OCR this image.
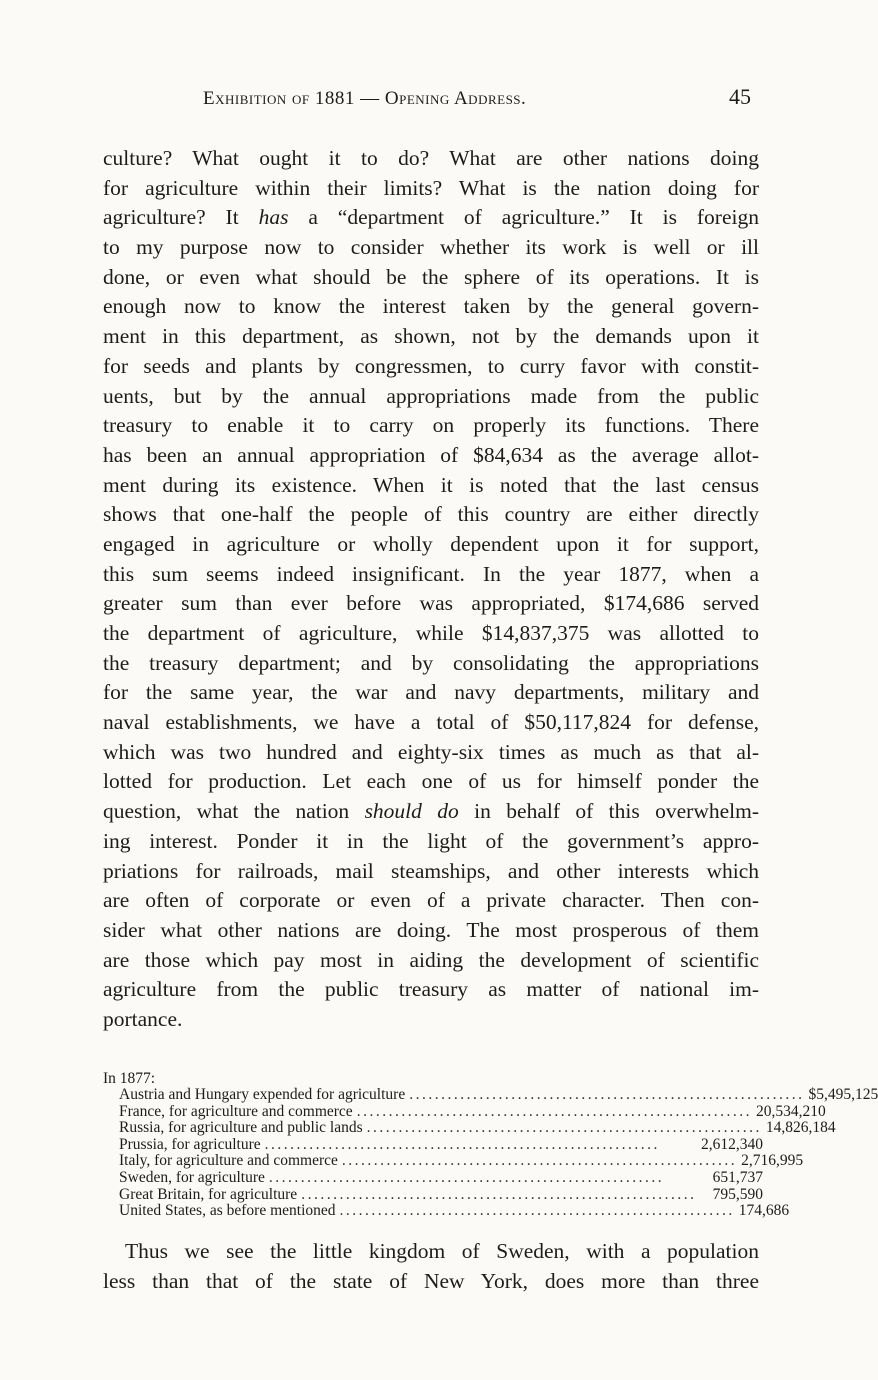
Exhibition of 1881 — Opening Address.	45
culture? What ought it to do? What are other nations doing
for agriculture within their limits? What is the nation doing for
agriculture? It has a “department of agriculture.” It is foreign
to my purpose now to consider whether its work is well or ill
done, or even what should be the sphere of its operations. It is
enough now to know the interest taken by the general govern-
ment in this department, as shown, not by the demands upon it
for seeds and plants by congressmen, to curry favor with constit-
uents, but by the annual appropriations made from the public
treasury to enable it to carry on properly its functions. There
has been an annual appropriation of $84,634 as the average allot-
ment during its existence. When it is noted that the last census
shows that one-half the people of this country are either directly
engaged in agriculture or wholly dependent upon it for support,
this sum seems indeed insignificant. In the year 1877, when a
greater sum than ever before was appropriated, $174,686 served
the department of agriculture, while $14,837,375 was allotted to
the treasury department; and by consolidating the appropriations
for the same year, the war and navy departments, military and
naval establishments, we have a total of $50,117,824 for defense,
which was two hundred and eighty-six times as much as that al-
lotted for production. Let each one of us for himself ponder the
question, what the nation should do in behalf of this overwhelm-
ing interest. Ponder it in the light of the government’s appro-
priations for railroads, mail steamships, and other interests which
are often of corporate or even of a private character. Then con-
sider what other nations are doing. The most prosperous of them
are those which pay most in aiding the development of scientific
agriculture from the public treasury as matter of national im-
portance.
In 1877:
Austria and Hungary expended for agriculture .............................................................. $5,495,125
France, for agriculture and commerce .............................................................. 20,534,210
Russia, for agriculture and public lands .............................................................. 14,826,184
Prussia, for agriculture ..............................................................	2,612,340
Italy, for agriculture and commerce .............................................................. 2,716,995
Sweden, for agriculture ..............................................................	651,737
Great Britain, for agriculture ..............................................................	795,590
United States, as before mentioned .............................................................. 174,686
Thus we see the little kingdom of Sweden, with a population
less than that of the state of New York, does more than three
